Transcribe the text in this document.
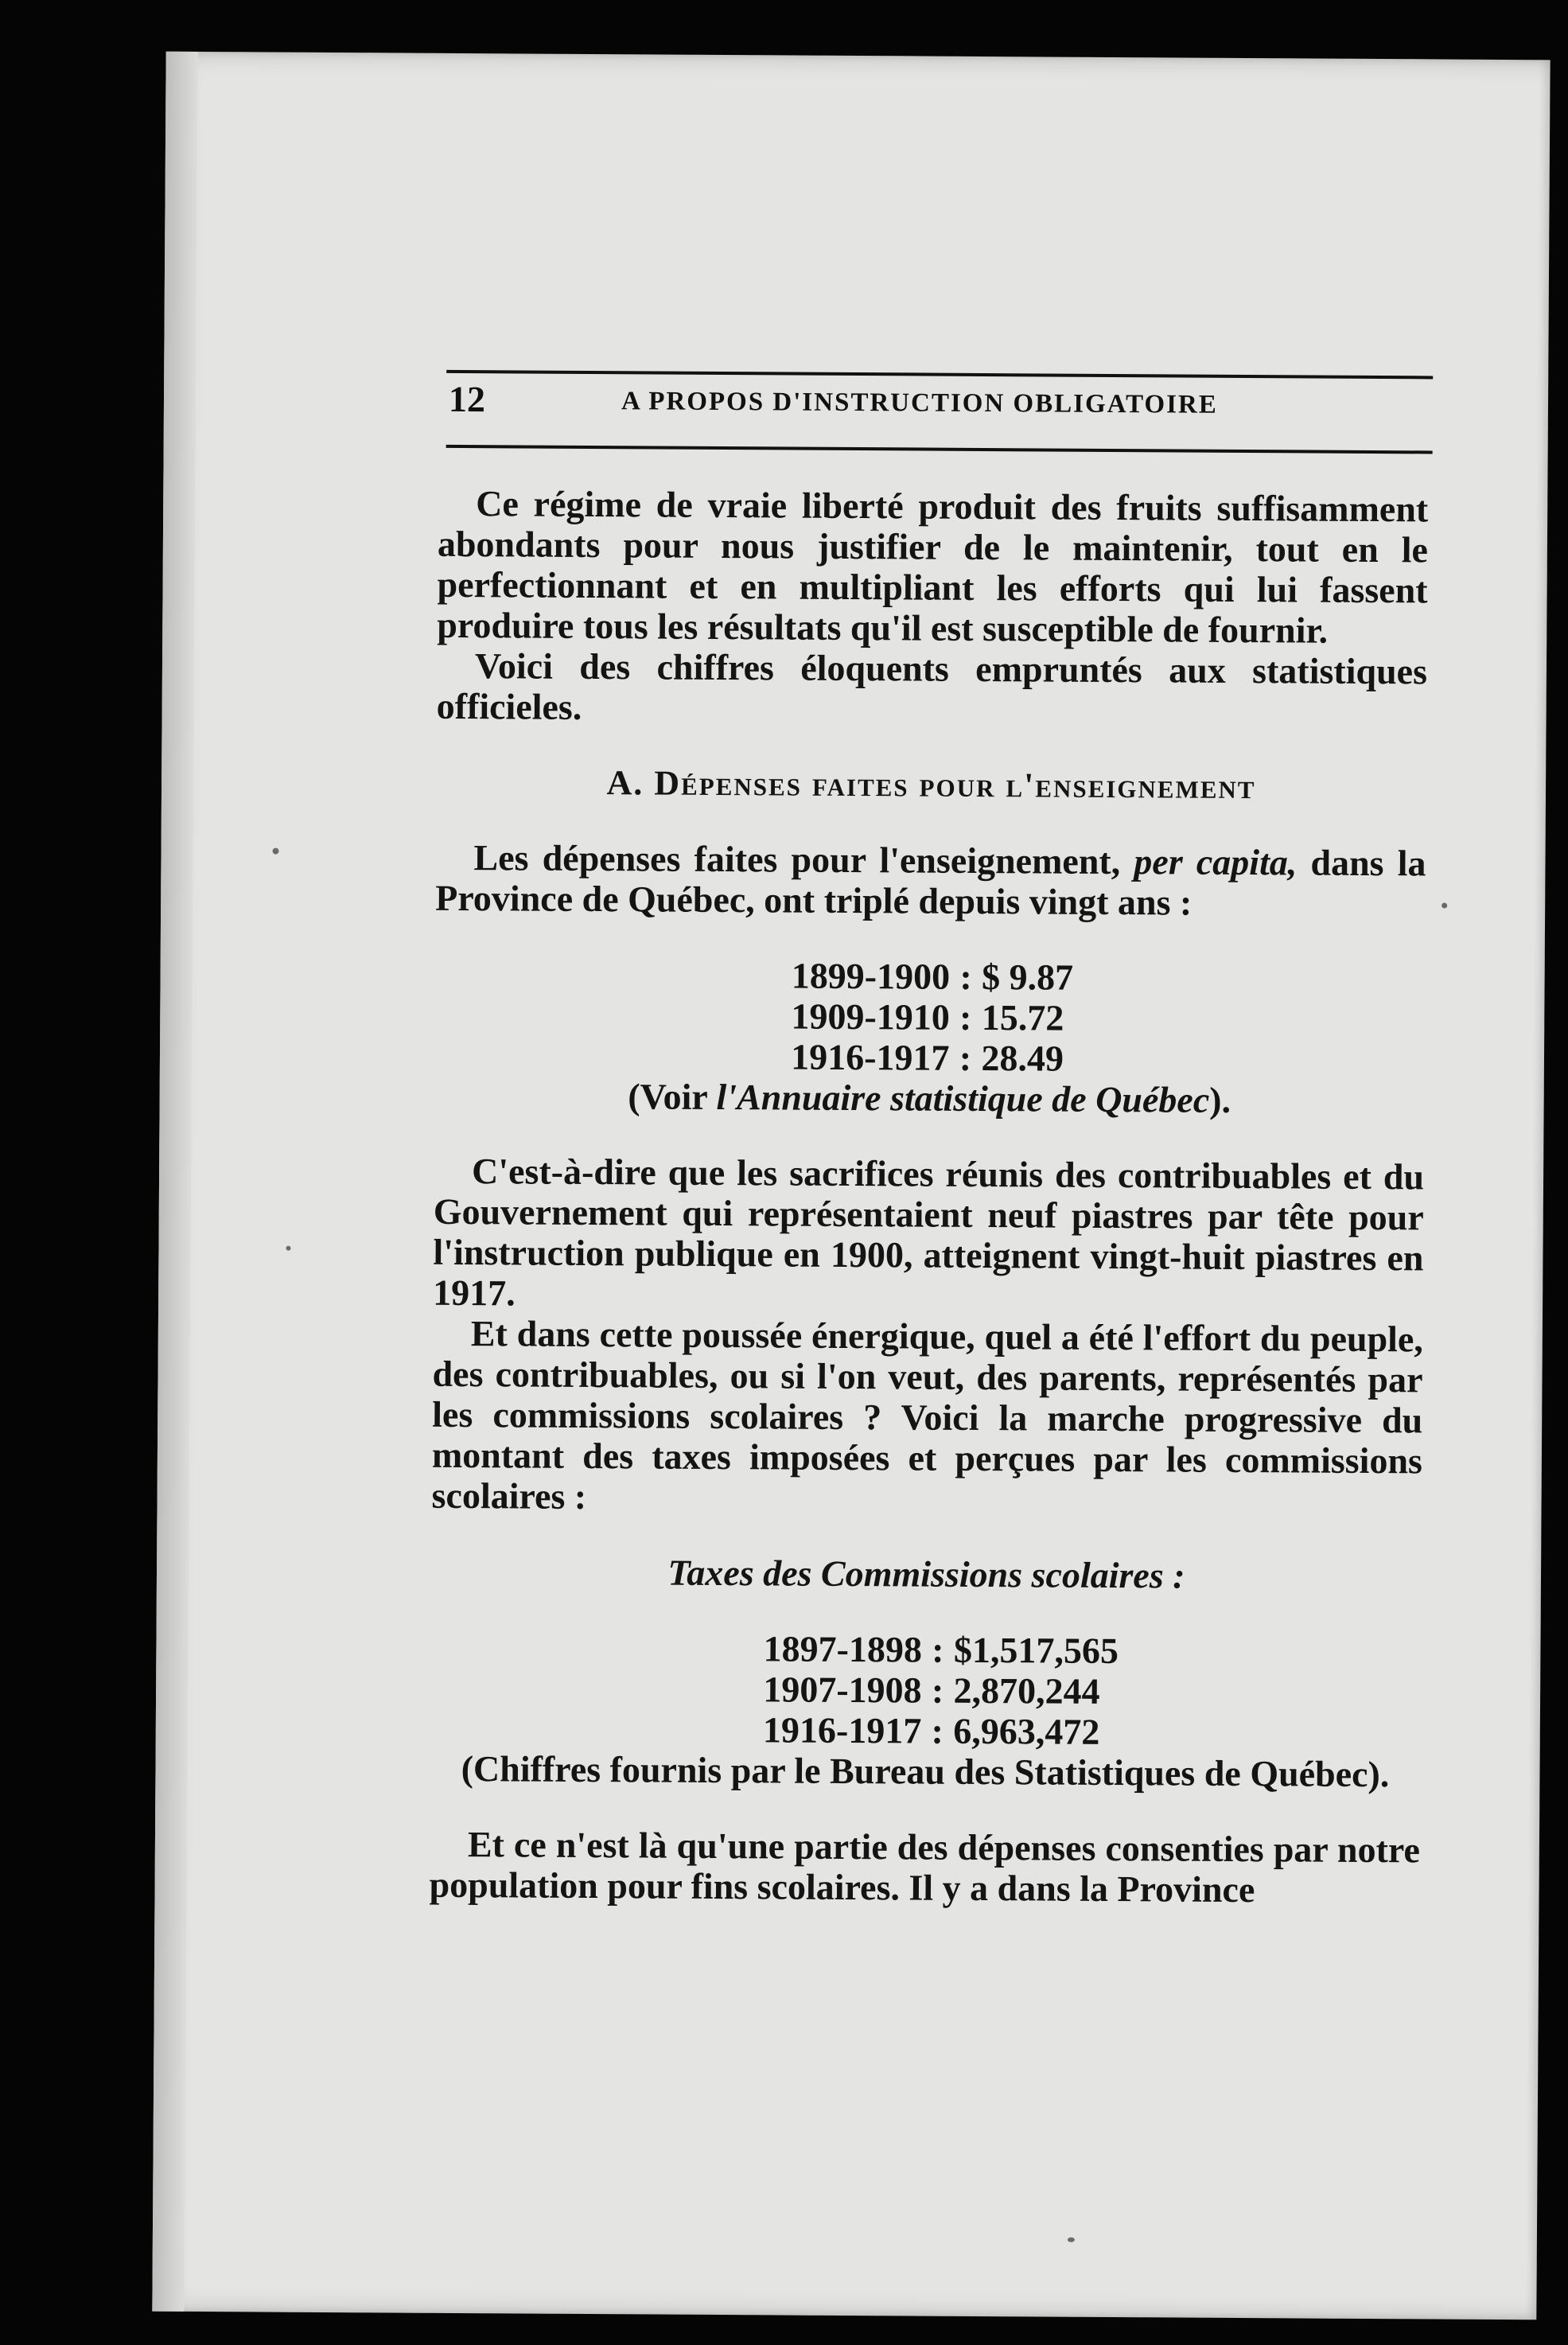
12	A PROPOS D'INSTRUCTION OBLIGATOIRE

Ce régime de vraie liberté produit des fruits suffisamment abondants pour nous justifier de le maintenir, tout en le perfectionnant et en multipliant les efforts qui lui fassent produire tous les résultats qu'il est susceptible de fournir.

Voici des chiffres éloquents empruntés aux statistiques officieles.

A. Dépenses faites pour l'enseignement

Les dépenses faites pour l'enseignement, per capita, dans la Province de Québec, ont triplé depuis vingt ans :

1899-1900 : $ 9.87
1909-1910 : 15.72
1916-1917 : 28.49
(Voir l'Annuaire statistique de Québec).

C'est-à-dire que les sacrifices réunis des contribuables et du Gouvernement qui représentaient neuf piastres par tête pour l'instruction publique en 1900, atteignent vingt-huit piastres en 1917.

Et dans cette poussée énergique, quel a été l'effort du peuple, des contribuables, ou si l'on veut, des parents, représentés par les commissions scolaires ? Voici la marche progressive du montant des taxes imposées et perçues par les commissions scolaires :

Taxes des Commissions scolaires :
1897-1898 : $1,517,565
1907-1908 : 2,870,244
1916-1917 : 6,963,472
(Chiffres fournis par le Bureau des Statistiques de Québec).

Et ce n'est là qu'une partie des dépenses consenties par notre population pour fins scolaires. Il y a dans la Province
